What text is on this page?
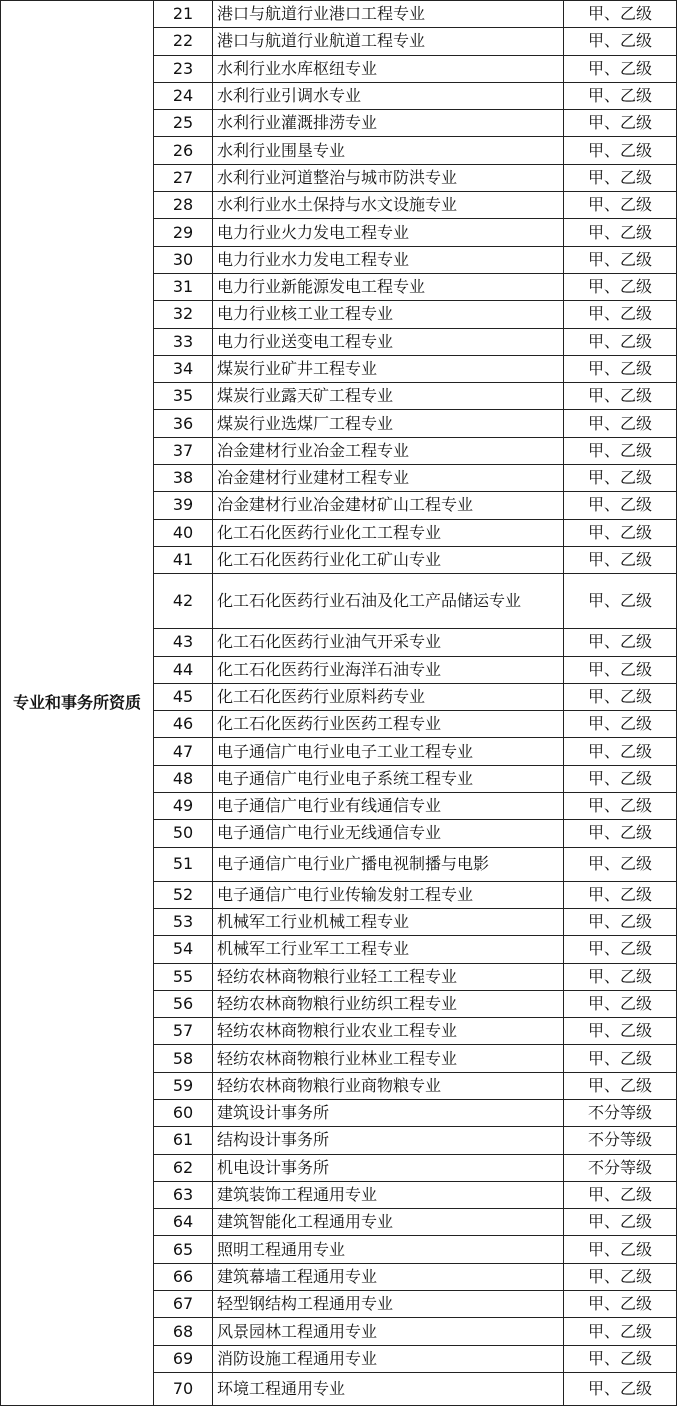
专业和事务所资质	21	港口与航道行业港口工程专业	甲、乙级
	22	港口与航道行业航道工程专业	甲、乙级
	23	水利行业水库枢纽专业	甲、乙级
	24	水利行业引调水专业	甲、乙级
	25	水利行业灌溉排涝专业	甲、乙级
	26	水利行业围垦专业	甲、乙级
	27	水利行业河道整治与城市防洪专业	甲、乙级
	28	水利行业水土保持与水文设施专业	甲、乙级
	29	电力行业火力发电工程专业	甲、乙级
	30	电力行业水力发电工程专业	甲、乙级
	31	电力行业新能源发电工程专业	甲、乙级
	32	电力行业核工业工程专业	甲、乙级
	33	电力行业送变电工程专业	甲、乙级
	34	煤炭行业矿井工程专业	甲、乙级
	35	煤炭行业露天矿工程专业	甲、乙级
	36	煤炭行业选煤厂工程专业	甲、乙级
	37	冶金建材行业冶金工程专业	甲、乙级
	38	冶金建材行业建材工程专业	甲、乙级
	39	冶金建材行业冶金建材矿山工程专业	甲、乙级
	40	化工石化医药行业化工工程专业	甲、乙级
	41	化工石化医药行业化工矿山专业	甲、乙级
	42	化工石化医药行业石油及化工产品储运专业	甲、乙级
	43	化工石化医药行业油气开采专业	甲、乙级
	44	化工石化医药行业海洋石油专业	甲、乙级
	45	化工石化医药行业原料药专业	甲、乙级
	46	化工石化医药行业医药工程专业	甲、乙级
	47	电子通信广电行业电子工业工程专业	甲、乙级
	48	电子通信广电行业电子系统工程专业	甲、乙级
	49	电子通信广电行业有线通信专业	甲、乙级
	50	电子通信广电行业无线通信专业	甲、乙级
	51	电子通信广电行业广播电视制播与电影	甲、乙级
	52	电子通信广电行业传输发射工程专业	甲、乙级
	53	机械军工行业机械工程专业	甲、乙级
	54	机械军工行业军工工程专业	甲、乙级
	55	轻纺农林商物粮行业轻工工程专业	甲、乙级
	56	轻纺农林商物粮行业纺织工程专业	甲、乙级
	57	轻纺农林商物粮行业农业工程专业	甲、乙级
	58	轻纺农林商物粮行业林业工程专业	甲、乙级
	59	轻纺农林商物粮行业商物粮专业	甲、乙级
	60	建筑设计事务所	不分等级
	61	结构设计事务所	不分等级
	62	机电设计事务所	不分等级
	63	建筑装饰工程通用专业	甲、乙级
	64	建筑智能化工程通用专业	甲、乙级
	65	照明工程通用专业	甲、乙级
	66	建筑幕墙工程通用专业	甲、乙级
	67	轻型钢结构工程通用专业	甲、乙级
	68	风景园林工程通用专业	甲、乙级
	69	消防设施工程通用专业	甲、乙级
	70	环境工程通用专业	甲、乙级
